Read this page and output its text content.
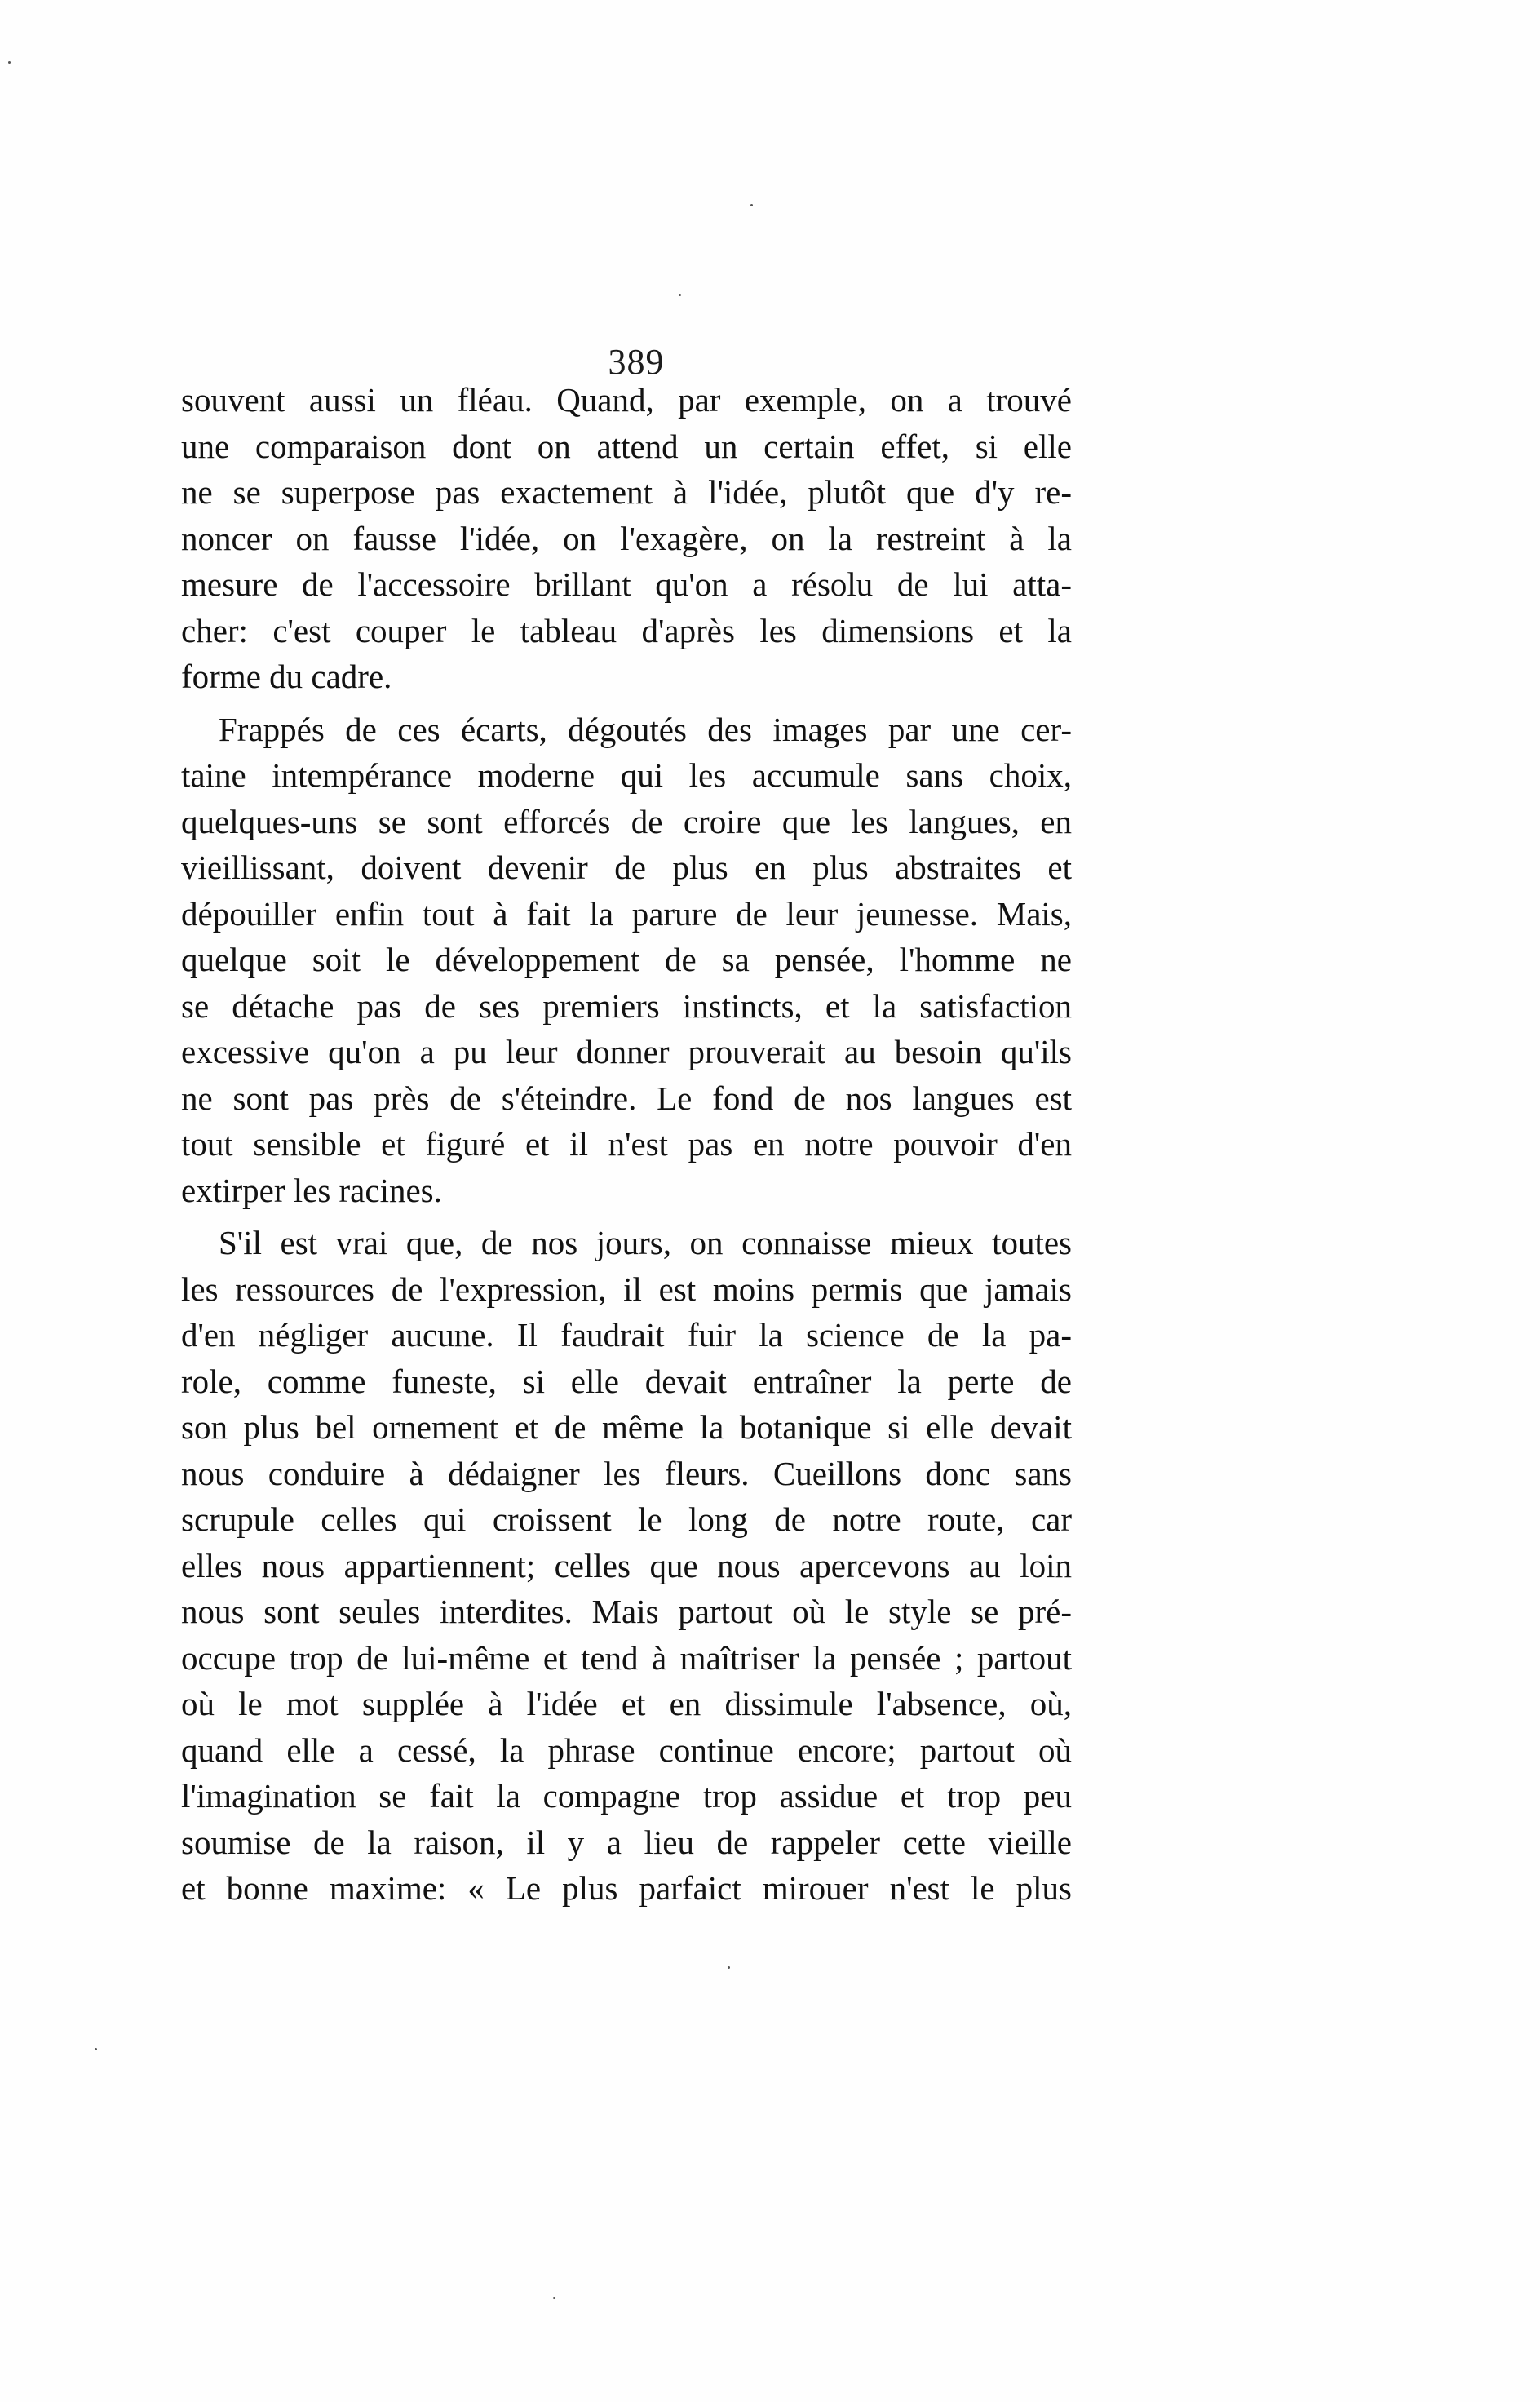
389
souvent aussi un fléau. Quand, par exemple, on a trouvé
une comparaison dont on attend un certain effet, si elle
ne se superpose pas exactement à l'idée, plutôt que d'y re-
noncer on fausse l'idée, on l'exagère, on la restreint à la
mesure de l'accessoire brillant qu'on a résolu de lui atta-
cher: c'est couper le tableau d'après les dimensions et la
forme du cadre.
Frappés de ces écarts, dégoutés des images par une cer-
taine intempérance moderne qui les accumule sans choix,
quelques-uns se sont efforcés de croire que les langues, en
vieillissant, doivent devenir de plus en plus abstraites et
dépouiller enfin tout à fait la parure de leur jeunesse. Mais,
quelque soit le développement de sa pensée, l'homme ne
se détache pas de ses premiers instincts, et la satisfaction
excessive qu'on a pu leur donner prouverait au besoin qu'ils
ne sont pas près de s'éteindre. Le fond de nos langues est
tout sensible et figuré et il n'est pas en notre pouvoir d'en
extirper les racines.
S'il est vrai que, de nos jours, on connaisse mieux toutes
les ressources de l'expression, il est moins permis que jamais
d'en négliger aucune. Il faudrait fuir la science de la pa-
role, comme funeste, si elle devait entraîner la perte de
son plus bel ornement et de même la botanique si elle devait
nous conduire à dédaigner les fleurs. Cueillons donc sans
scrupule celles qui croissent le long de notre route, car
elles nous appartiennent; celles que nous apercevons au loin
nous sont seules interdites. Mais partout où le style se pré-
occupe trop de lui-même et tend à maîtriser la pensée ; partout
où le mot supplée à l'idée et en dissimule l'absence, où,
quand elle a cessé, la phrase continue encore; partout où
l'imagination se fait la compagne trop assidue et trop peu
soumise de la raison, il y a lieu de rappeler cette vieille
et bonne maxime: « Le plus parfaict mirouer n'est le plus
